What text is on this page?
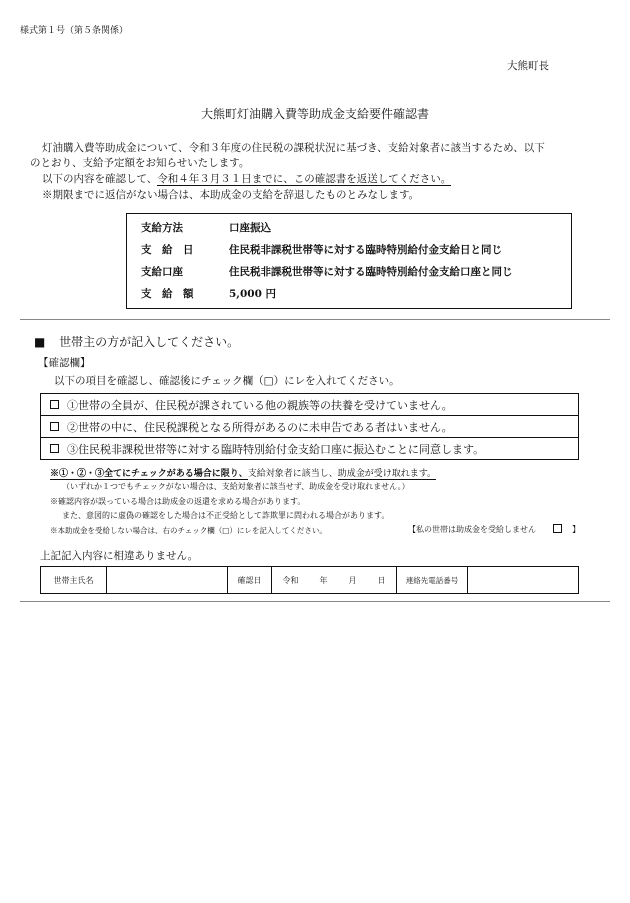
様式第１号（第５条関係）
大熊町長
大熊町灯油購入費等助成金支給要件確認書
灯油購入費等助成金について、令和３年度の住民税の課税状況に基づき、支給対象者に該当するため、以下
のとおり、支給予定額をお知らせいたします。
以下の内容を確認して、令和４年３月３１日までに、この確認書を返送してください。
※期限までに返信がない場合は、本助成金の支給を辞退したものとみなします。
支給方法	口座振込
支　給　日	住民税非課税世帯等に対する臨時特別給付金支給日と同じ
支給口座	住民税非課税世帯等に対する臨時特別給付金支給口座と同じ
支　給　額	5,000 円
■ 世帯主の方が記入してください。
【確認欄】
以下の項目を確認し、確認後にチェック欄（□）にレを入れてください。
①世帯の全員が、住民税が課されている他の親族等の扶養を受けていません。
②世帯の中に、住民税課税となる所得があるのに未申告である者はいません。
③住民税非課税世帯等に対する臨時特別給付金支給口座に振込むことに同意します。
※①・②・③全てにチェックがある場合に限り、支給対象者に該当し、助成金が受け取れます。
（いずれか１つでもチェックがない場合は、支給対象者に該当せず、助成金を受け取れません。）
※確認内容が誤っている場合は助成金の返還を求める場合があります。
また、意図的に虚偽の確認をした場合は不正受給として詐欺罪に問われる場合があります。
※本助成金を受給しない場合は、右のチェック欄（□）にレを記入してください。	【私の世帯は助成金を受給しません	】
上記記入内容に相違ありません。
世帯主氏名	確認日	令和	年	月	日	連絡先電話番号
